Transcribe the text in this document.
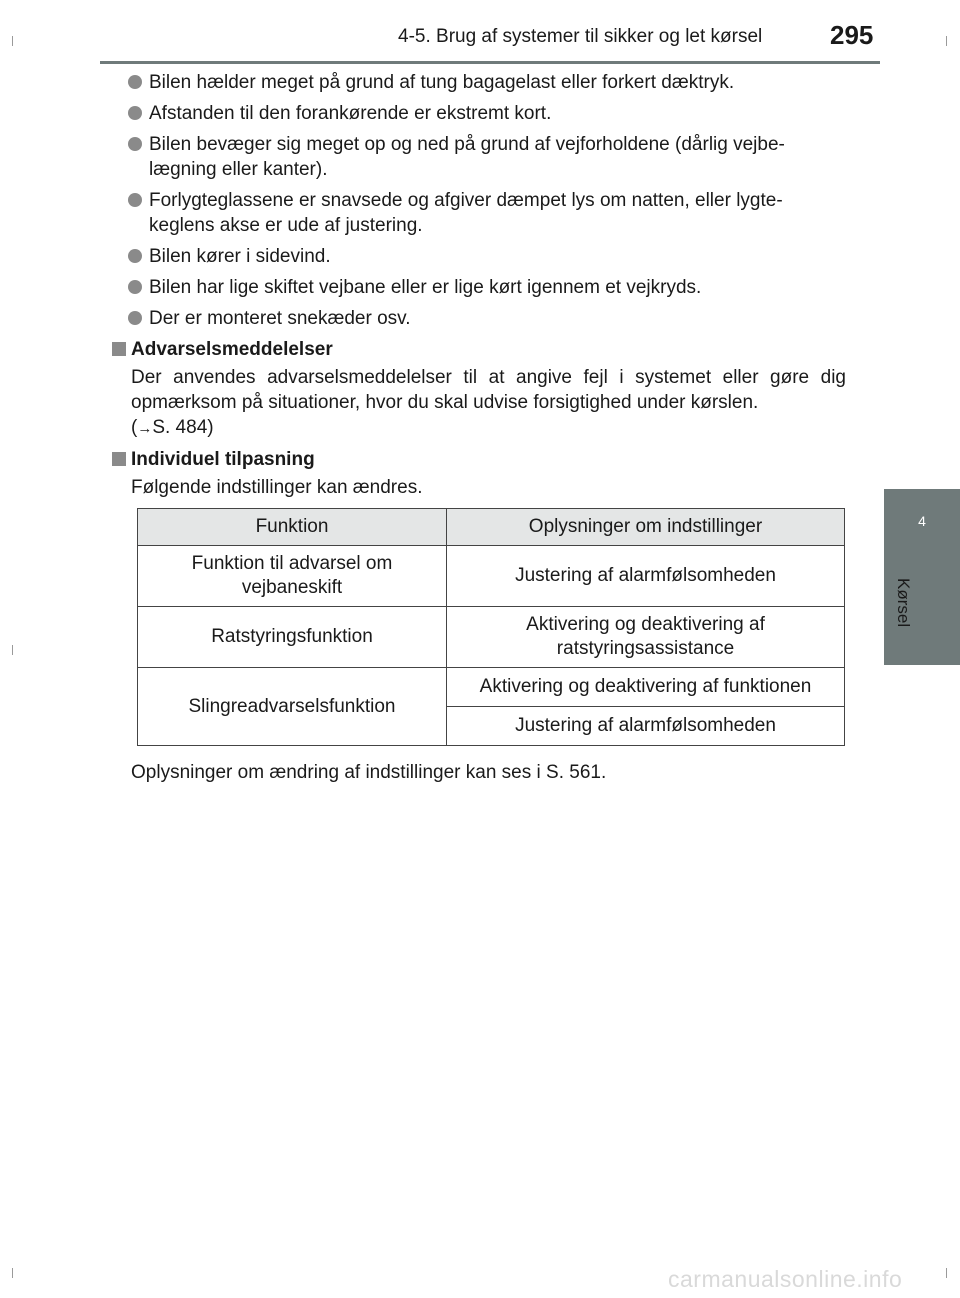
4-5. Brug af systemer til sikker og let kørsel	295
4
Kørsel
Bilen hælder meget på grund af tung bagagelast eller forkert dæktryk.
Afstanden til den forankørende er ekstremt kort.
Bilen bevæger sig meget op og ned på grund af vejforholdene (dårlig vejbe-lægning eller kanter).
Forlygteglassene er snavsede og afgiver dæmpet lys om natten, eller lygte-keglens akse er ude af justering.
Bilen kører i sidevind.
Bilen har lige skiftet vejbane eller er lige kørt igennem et vejkryds.
Der er monteret snekæder osv.
Advarselsmeddelelser
Der anvendes advarselsmeddelelser til at angive fejl i systemet eller gøre dig opmærksom på situationer, hvor du skal udvise forsigtighed under kørslen.
(→S. 484)
Individuel tilpasning
Følgende indstillinger kan ændres.
Funktion	Oplysninger om indstillinger
Funktion til advarsel om vejbaneskift	Justering af alarmfølsomheden
Ratstyringsfunktion	Aktivering og deaktivering af ratstyringsassistance
Slingreadvarselsfunktion	Aktivering og deaktivering af funktionen
	Justering af alarmfølsomheden
Oplysninger om ændring af indstillinger kan ses i S. 561.
carmanualsonline.info
